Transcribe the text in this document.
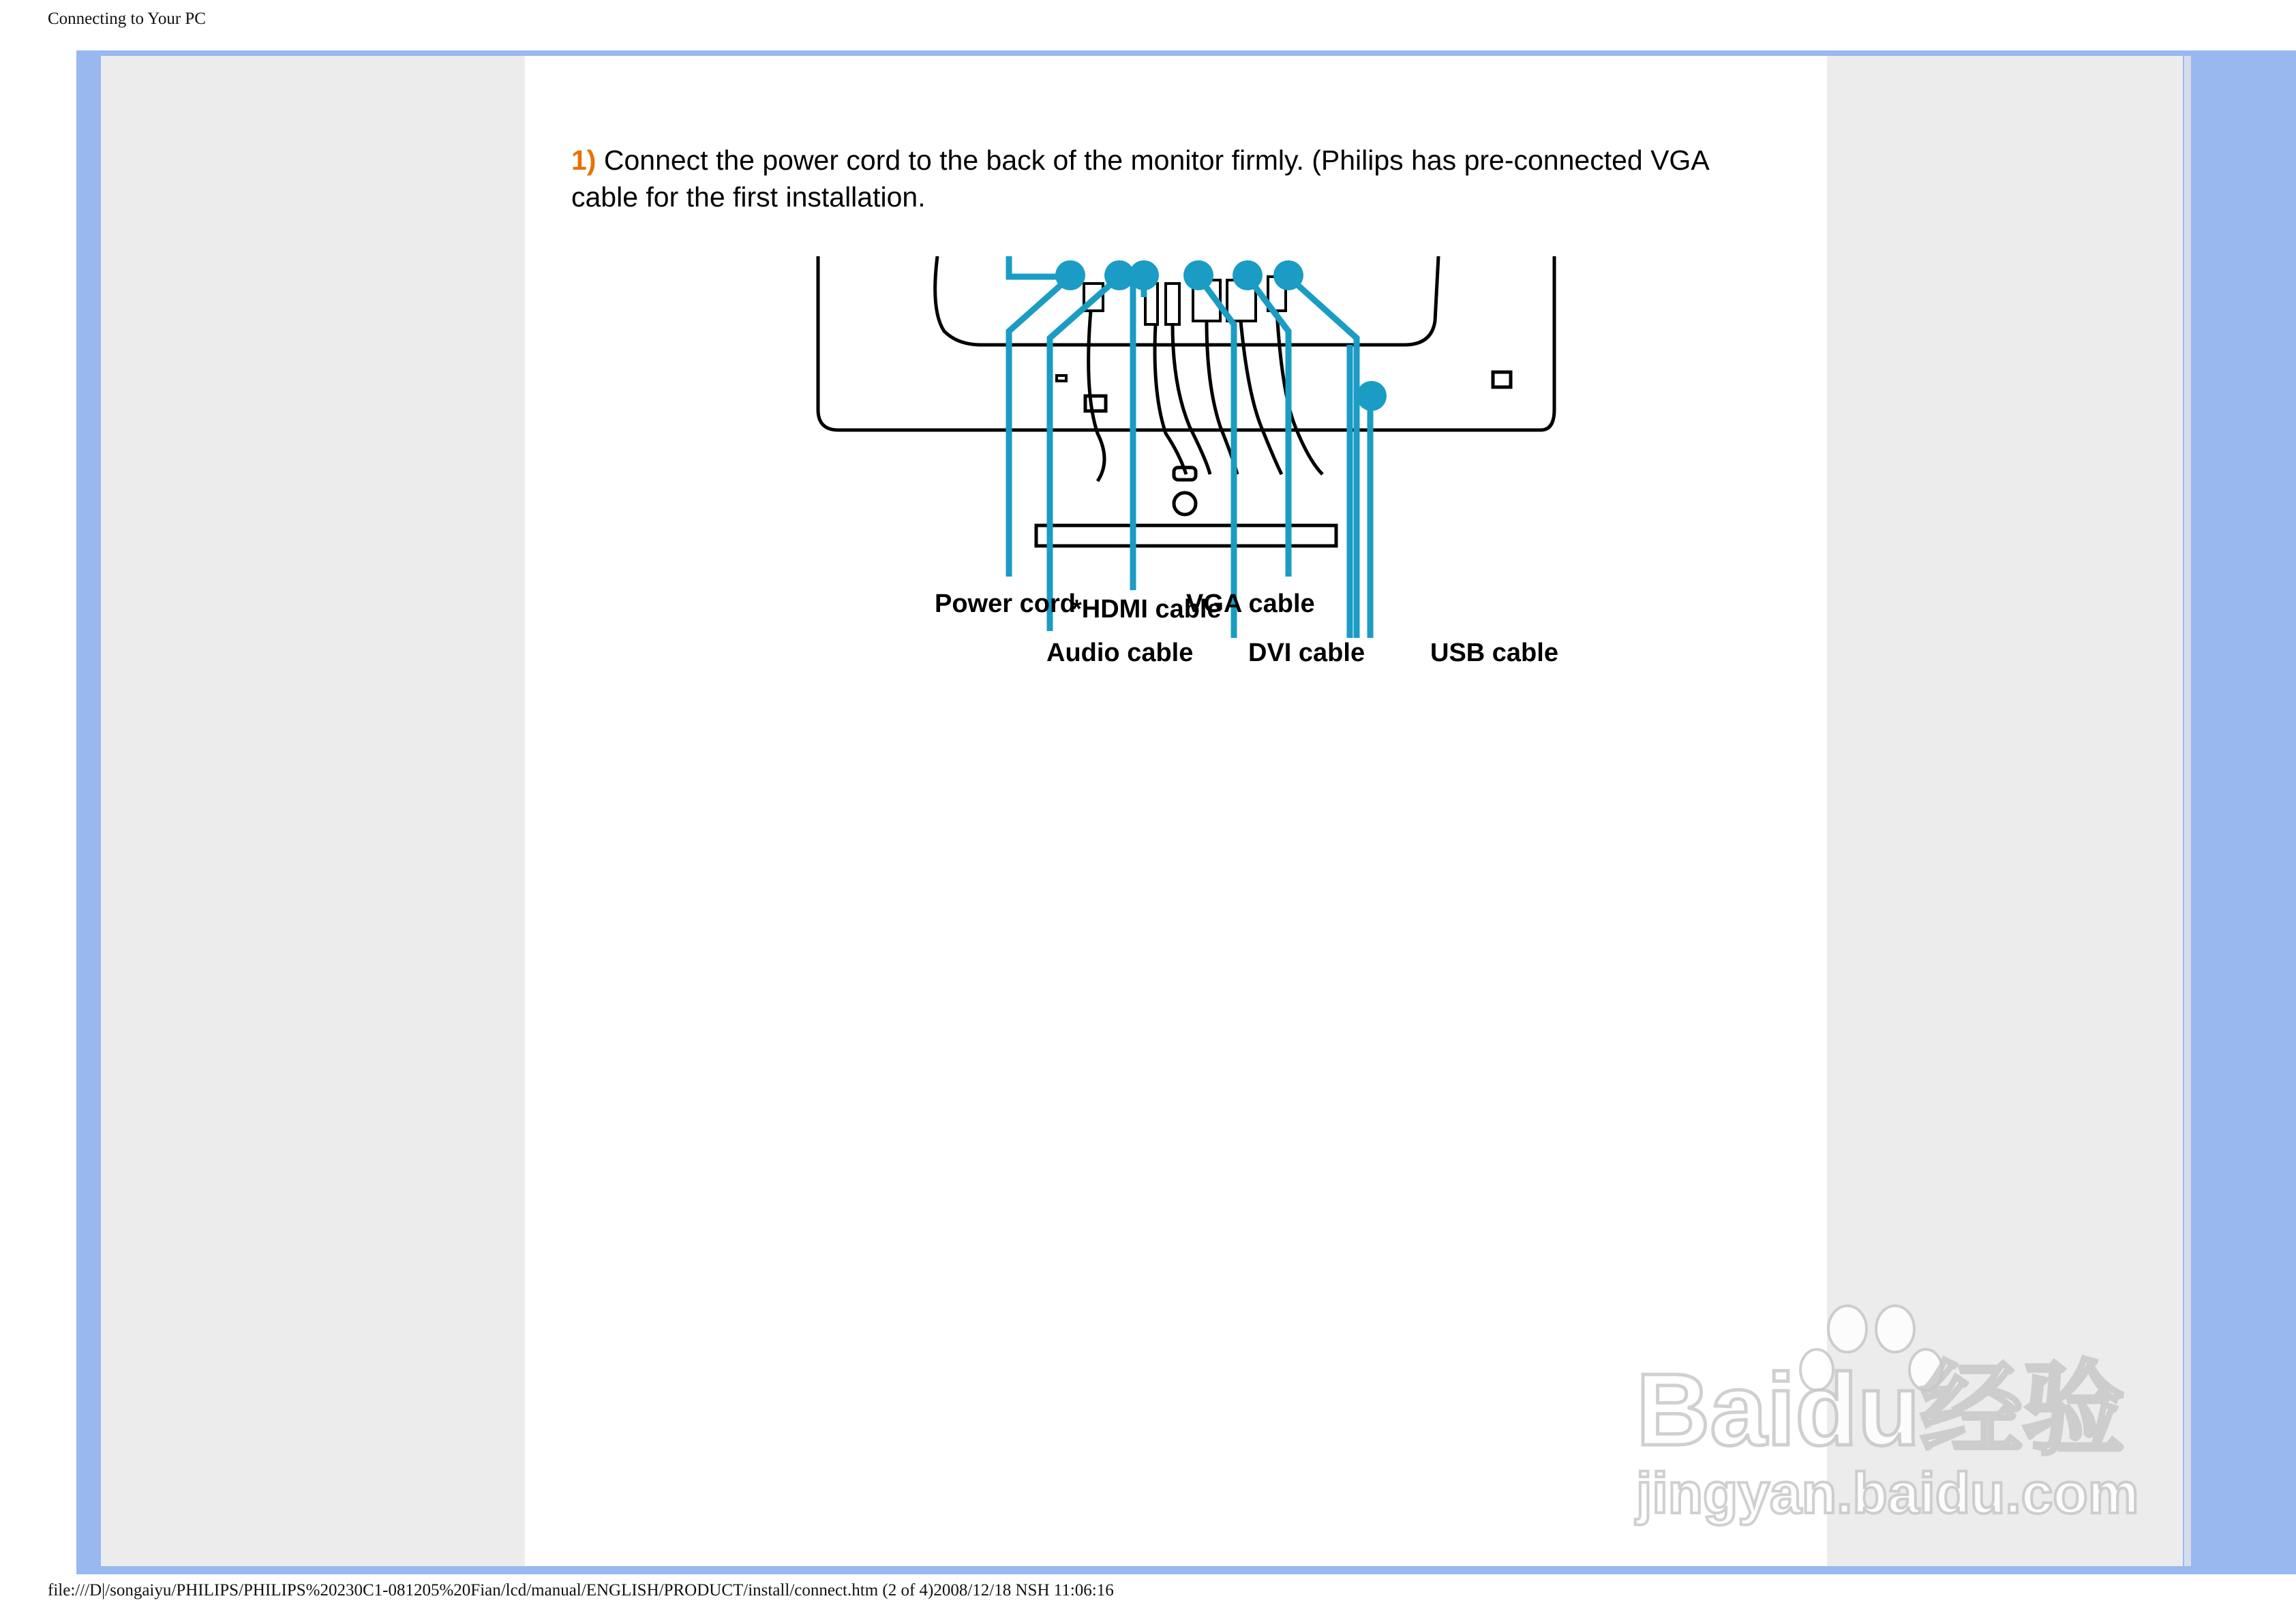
Connecting to Your PC
1) Connect the power cord to the back of the monitor firmly. (Philips has pre-connected VGA cable for the first installation.
Power cord
*HDMI cable
VGA cable
Audio cable DVI cable	USB cable
Baidu经验
jingyan.baidu.com
file:///D|/songaiyu/PHILIPS/PHILIPS%20230C1-081205%20Fian/lcd/manual/ENGLISH/PRODUCT/install/connect.htm (2 of 4)2008/12/18 NSH 11:06:16
